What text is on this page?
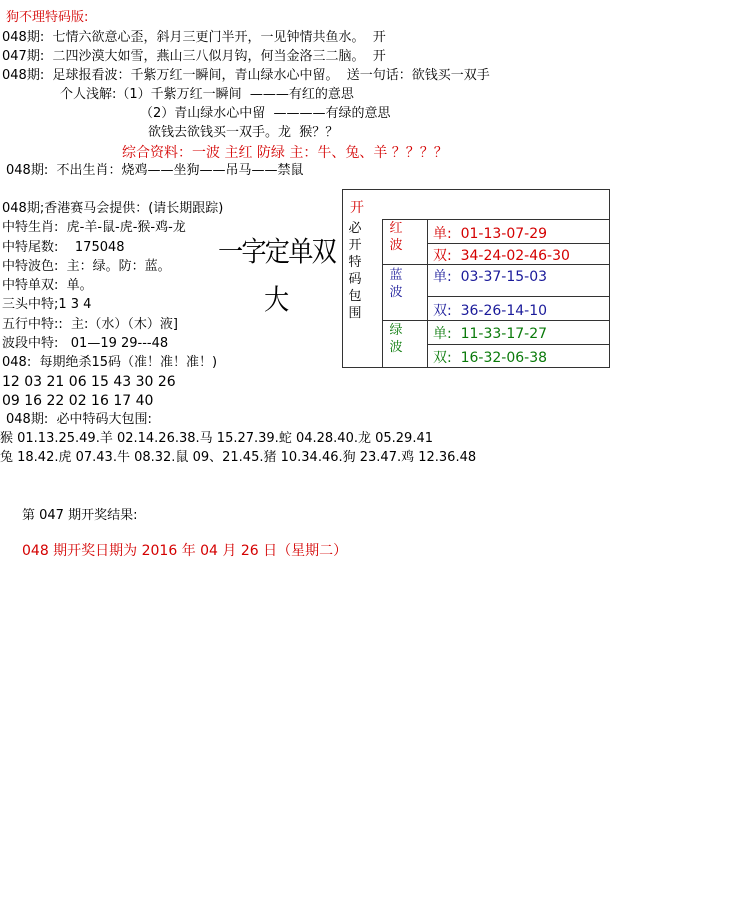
狗不理特码版:
048期:  七情六欲意心歪，斜月三更门半开，一见钟情共鱼水。  开
047期:  二四沙漠大如雪，燕山三八似月钩，何当金洛三二脑。  开
048期:  足球报看波：千紫万红一瞬间，青山绿水心中留。  送一句话：欲钱买一双手
个人浅解:（1）千紫万红一瞬间  ———有红的意思
（2）青山绿水心中留  ————有绿的意思
欲钱去欲钱买一双手。龙  猴？？
综合资料：一波 主红 防绿 主：牛、兔、羊 ？？？？
048期:  不出生肖：烧鸡——坐狗——吊马——禁鼠
048期;香港赛马会提供：(请长期跟踪)
中特生肖:  虎-羊-鼠-虎-猴-鸡-龙
中特尾数:    175048
中特波色:  主：绿。防：蓝。
中特单双:  单。
三头中特;1 3 4
五行中特::  主:（水）（木）液]
波段中特:   01—19 29---48
048:  每期绝杀15码（准！准！准！)
12 03 21 06 15 43 30 26
09 16 22 02 16 17 40
048期:  必中特码大包围:
猴 01.13.25.49.羊 02.14.26.38.马 15.27.39.蛇 04.28.40.龙 05.29.41
兔 18.42.虎 07.43.牛 08.32.鼠 09、21.45.猪 10.34.46.狗 23.47.鸡 12.36.48
一字定单双
大
开
必开特码包围
红波
蓝波
绿波
单:  01-13-07-29
双:  34-24-02-46-30
单:  03-37-15-03
双:  36-26-14-10
单:  11-33-17-27
双:  16-32-06-38
第 047 期开奖结果:
048 期开奖日期为 2016 年 04 月 26 日（星期二）
